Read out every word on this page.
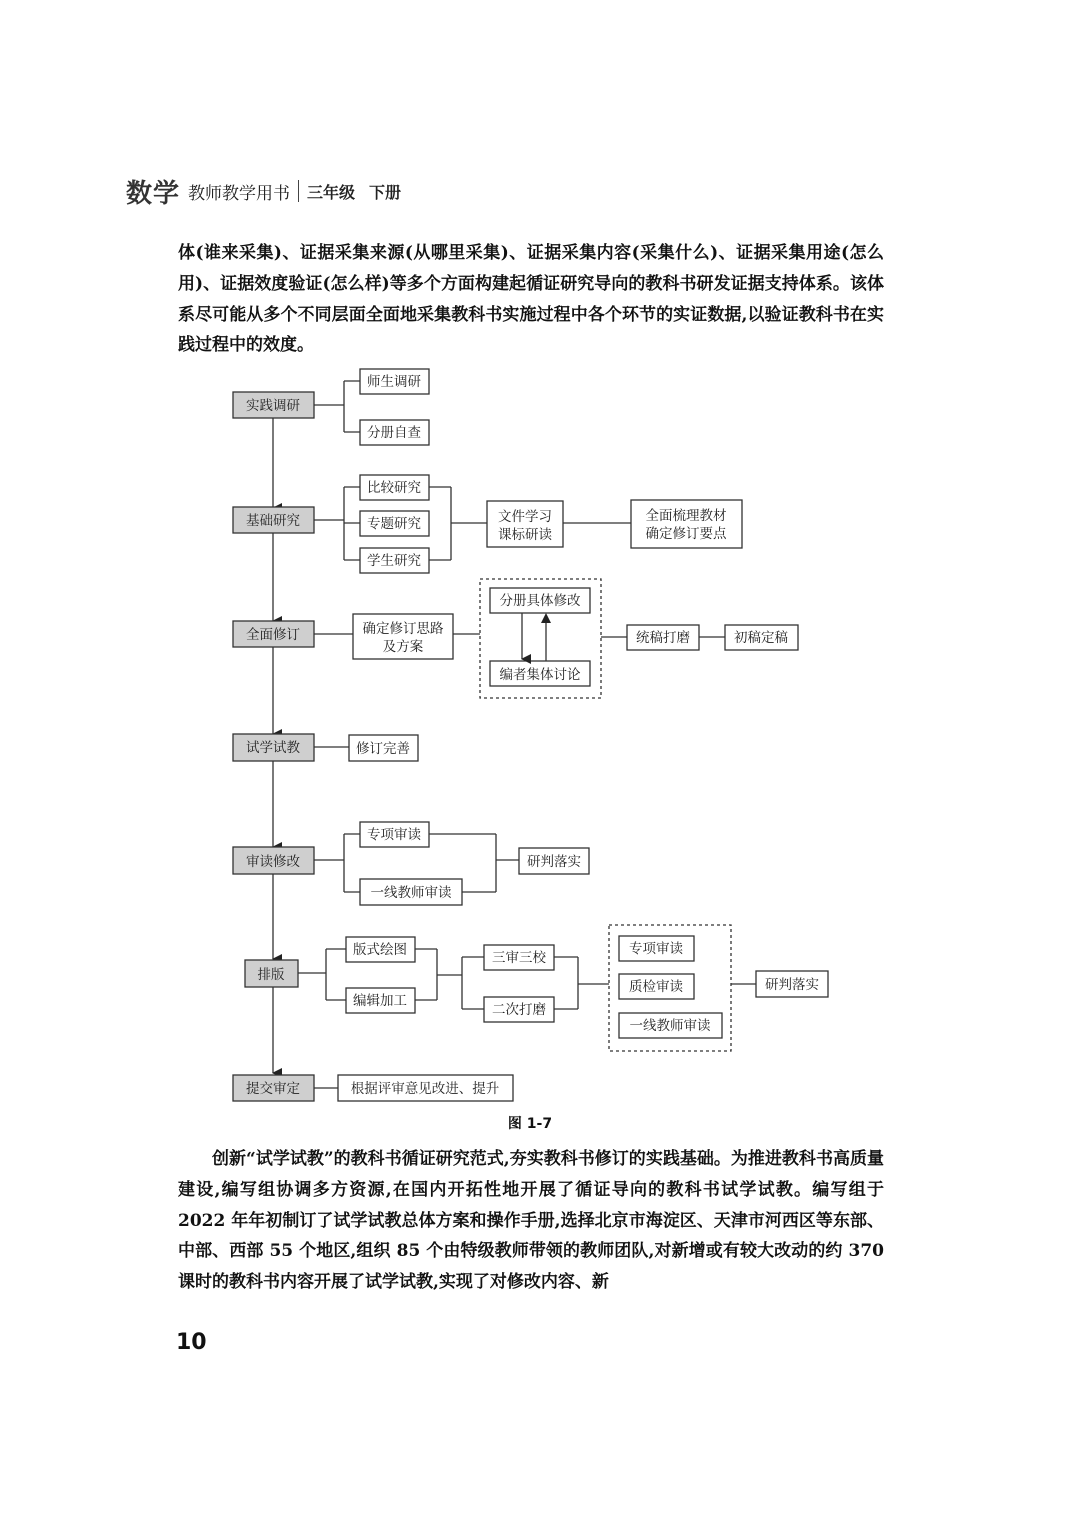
数学 教师教学用书 三年级 下册

体(谁来采集)、证据采集来源(从哪里采集)、证据采集内容(采集什么)、证据采集用途(怎么用)、证据效度验证(怎么样)等多个方面构建起循证研究导向的教科书研发证据支持体系。该体系尽可能从多个不同层面全面地采集教科书实施过程中各个环节的实证数据,以验证教科书在实践过程中的效度。

实践调研
基础研究
全面修订
试学试教
审读修改
排版
提交审定
师生调研
分册自查
比较研究
专题研究
学生研究
文件学习
课标研读
全面梳理教材
确定修订要点
确定修订思路
及方案
分册具体修改
编者集体讨论
统稿打磨	初稿定稿
修订完善
专项审读
一线教师审读
研判落实
版式绘图
编辑加工
三审三校
二次打磨
专项审读
质检审读
一线教师审读
研判落实
根据评审意见改进、提升
图 1-7

创新“试学试教”的教科书循证研究范式,夯实教科书修订的实践基础。为推进教科书高质量建设,编写组协调多方资源,在国内开拓性地开展了循证导向的教科书试学试教。编写组于 2022 年年初制订了试学试教总体方案和操作手册,选择北京市海淀区、天津市河西区等东部、中部、西部 55 个地区,组织 85 个由特级教师带领的教师团队,对新增或有较大改动的约 370 课时的教科书内容开展了试学试教,实现了对修改内容、新

10
